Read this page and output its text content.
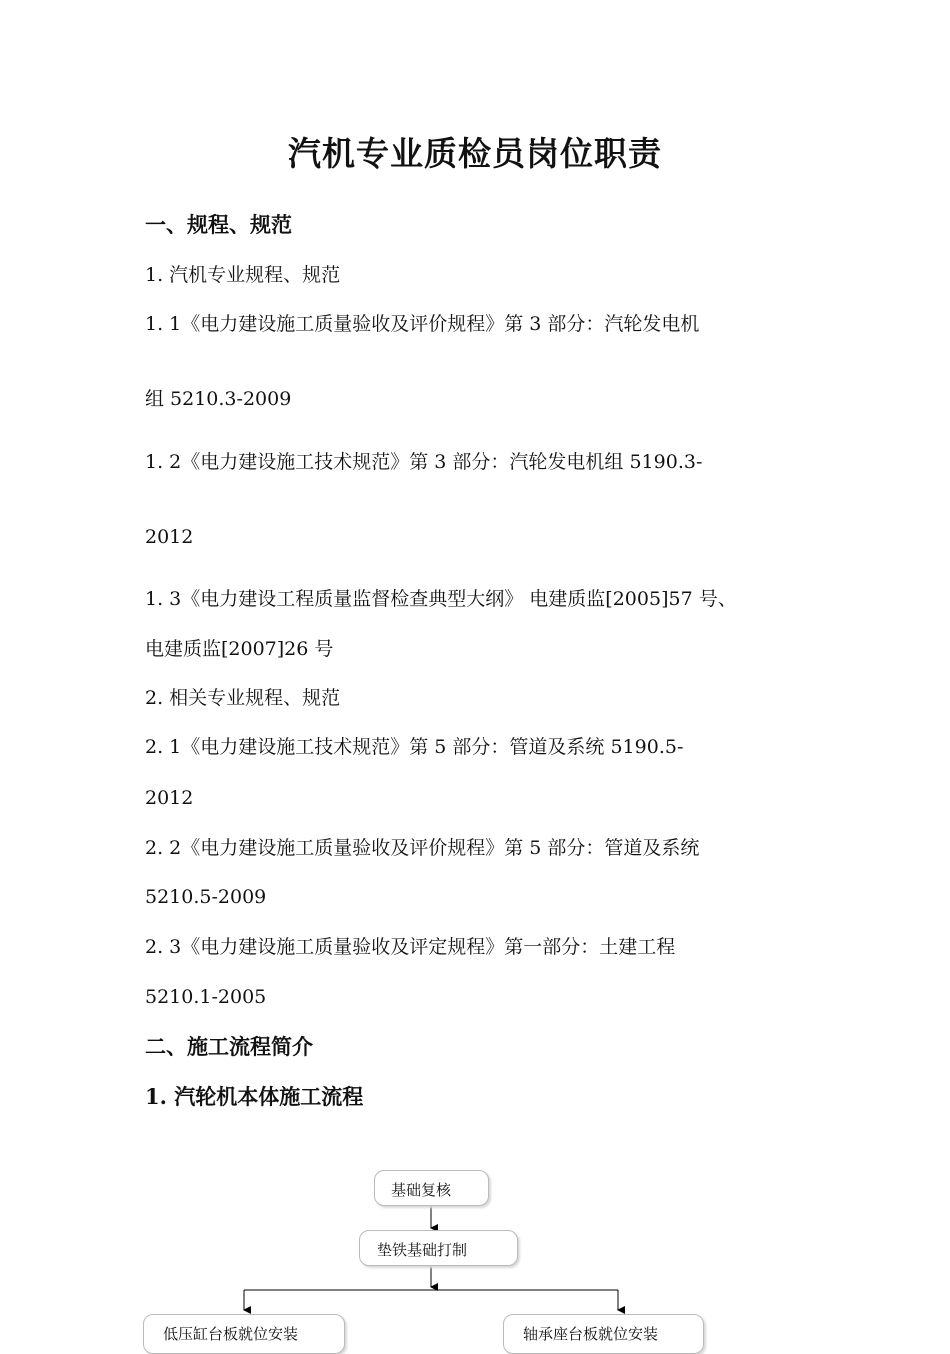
汽机专业质检员岗位职责
一、规程、规范
1. 汽机专业规程、规范
1. 1《电力建设施工质量验收及评价规程》第 3 部分：汽轮发电机
组 5210.3-2009
1. 2《电力建设施工技术规范》第 3 部分：汽轮发电机组 5190.3-
2012
1. 3《电力建设工程质量监督检查典型大纲》 电建质监[2005]57 号、
电建质监[2007]26 号
2. 相关专业规程、规范
2. 1《电力建设施工技术规范》第 5 部分：管道及系统 5190.5-
2012
2. 2《电力建设施工质量验收及评价规程》第 5 部分：管道及系统
5210.5-2009
2. 3《电力建设施工质量验收及评定规程》第一部分：土建工程
5210.1-2005
二、施工流程简介
1. 汽轮机本体施工流程
基础复核
垫铁基础打制
低压缸台板就位安装	轴承座台板就位安装
